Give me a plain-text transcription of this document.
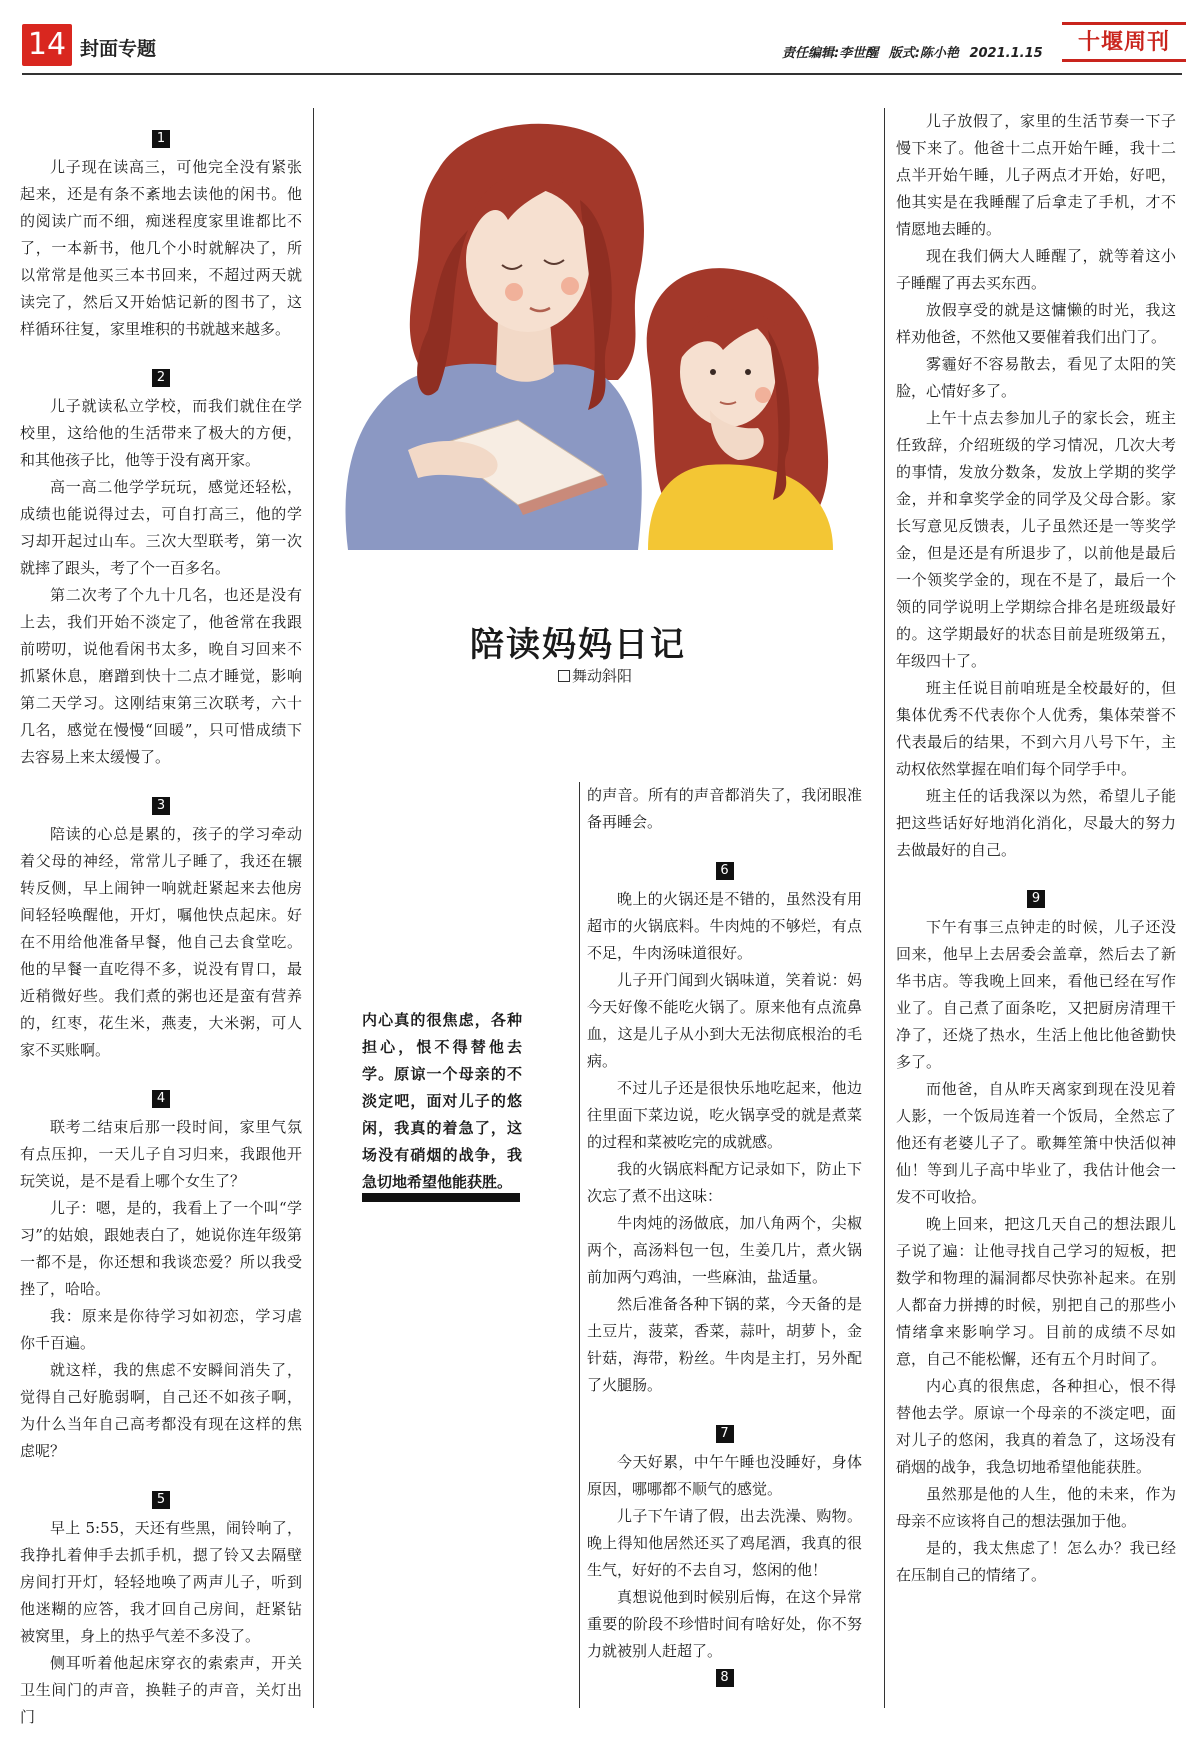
14 封面专题	责任编辑:李世醒 版式:陈小艳 2021.1.15	十堰周刊
1

儿子现在读高三，可他完全没有紧张起来，还是有条不紊地去读他的闲书。他的阅读广而不细，痴迷程度家里谁都比不了，一本新书，他几个小时就解决了，所以常常是他买三本书回来，不超过两天就读完了，然后又开始惦记新的图书了，这样循环往复，家里堆积的书就越来越多。

2

儿子就读私立学校，而我们就住在学校里，这给他的生活带来了极大的方便，和其他孩子比，他等于没有离开家。

高一高二他学学玩玩，感觉还轻松，成绩也能说得过去，可自打高三，他的学习却开起过山车。三次大型联考，第一次就摔了跟头，考了个一百多名。

第二次考了个九十几名，也还是没有上去，我们开始不淡定了，他爸常在我跟前唠叨，说他看闲书太多，晚自习回来不抓紧休息，磨蹭到快十二点才睡觉，影响第二天学习。这刚结束第三次联考，六十几名，感觉在慢慢“回暖”，只可惜成绩下去容易上来太缓慢了。

3

陪读的心总是累的，孩子的学习牵动着父母的神经，常常儿子睡了，我还在辗转反侧，早上闹钟一响就赶紧起来去他房间轻轻唤醒他，开灯，嘱他快点起床。好在不用给他准备早餐，他自己去食堂吃。他的早餐一直吃得不多，说没有胃口，最近稍微好些。我们煮的粥也还是蛮有营养的，红枣，花生米，燕麦，大米粥，可人家不买账啊。

4

联考二结束后那一段时间，家里气氛有点压抑，一天儿子自习归来，我跟他开玩笑说，是不是看上哪个女生了？

儿子：嗯，是的，我看上了一个叫“学习”的姑娘，跟她表白了，她说你连年级第一都不是，你还想和我谈恋爱？所以我受挫了，哈哈。

我：原来是你待学习如初恋，学习虐你千百遍。

就这样，我的焦虑不安瞬间消失了，觉得自己好脆弱啊，自己还不如孩子啊，为什么当年自己高考都没有现在这样的焦虑呢？

5

早上 5:55，天还有些黑，闹铃响了，我挣扎着伸手去抓手机，摁了铃又去隔壁房间打开灯，轻轻地唤了两声儿子，听到他迷糊的应答，我才回自己房间，赶紧钻被窝里，身上的热乎气差不多没了。

侧耳听着他起床穿衣的索索声，开关卫生间门的声音，换鞋子的声音，关灯出门

陪读妈妈日记
舞动斜阳
内心真的很焦虑，各种担心，恨不得替他去学。原谅一个母亲的不淡定吧，面对儿子的悠闲，我真的着急了，这场没有硝烟的战争，我急切地希望他能获胜。

的声音。所有的声音都消失了，我闭眼准备再睡会。

6

晚上的火锅还是不错的，虽然没有用超市的火锅底料。牛肉炖的不够烂，有点不足，牛肉汤味道很好。

儿子开门闻到火锅味道，笑着说：妈今天好像不能吃火锅了。原来他有点流鼻血，这是儿子从小到大无法彻底根治的毛病。

不过儿子还是很快乐地吃起来，他边往里面下菜边说，吃火锅享受的就是煮菜的过程和菜被吃完的成就感。

我的火锅底料配方记录如下，防止下次忘了煮不出这味：

牛肉炖的汤做底，加八角两个，尖椒两个，高汤料包一包，生姜几片，煮火锅前加两勺鸡油，一些麻油，盐适量。

然后准备各种下锅的菜，今天备的是土豆片，菠菜，香菜，蒜叶，胡萝卜，金针菇，海带，粉丝。牛肉是主打，另外配了火腿肠。

7

今天好累，中午午睡也没睡好，身体原因，哪哪都不顺气的感觉。

儿子下午请了假，出去洗澡、购物。晚上得知他居然还买了鸡尾酒，我真的很生气，好好的不去自习，悠闲的他！

真想说他到时候别后悔，在这个异常重要的阶段不珍惜时间有啥好处，你不努力就被别人赶超了。

8

儿子放假了，家里的生活节奏一下子慢下来了。他爸十二点开始午睡，我十二点半开始午睡，儿子两点才开始，好吧，他其实是在我睡醒了后拿走了手机，才不情愿地去睡的。

现在我们俩大人睡醒了，就等着这小子睡醒了再去买东西。

放假享受的就是这慵懒的时光，我这样劝他爸，不然他又要催着我们出门了。

雾霾好不容易散去，看见了太阳的笑脸，心情好多了。

上午十点去参加儿子的家长会，班主任致辞，介绍班级的学习情况，几次大考的事情，发放分数条，发放上学期的奖学金，并和拿奖学金的同学及父母合影。家长写意见反馈表，儿子虽然还是一等奖学金，但是还是有所退步了，以前他是最后一个领奖学金的，现在不是了，最后一个领的同学说明上学期综合排名是班级最好的。这学期最好的状态目前是班级第五，年级四十了。

班主任说目前咱班是全校最好的，但集体优秀不代表你个人优秀，集体荣誉不代表最后的结果，不到六月八号下午，主动权依然掌握在咱们每个同学手中。

班主任的话我深以为然，希望儿子能把这些话好好地消化消化，尽最大的努力去做最好的自己。

9

下午有事三点钟走的时候，儿子还没回来，他早上去居委会盖章，然后去了新华书店。等我晚上回来，看他已经在写作业了。自己煮了面条吃，又把厨房清理干净了，还烧了热水，生活上他比他爸勤快多了。

而他爸，自从昨天离家到现在没见着人影，一个饭局连着一个饭局，全然忘了他还有老婆儿子了。歌舞笙箫中快活似神仙！等到儿子高中毕业了，我估计他会一发不可收拾。

晚上回来，把这几天自己的想法跟儿子说了遍：让他寻找自己学习的短板，把数学和物理的漏洞都尽快弥补起来。在别人都奋力拼搏的时候，别把自己的那些小情绪拿来影响学习。目前的成绩不尽如意，自己不能松懈，还有五个月时间了。

内心真的很焦虑，各种担心，恨不得替他去学。原谅一个母亲的不淡定吧，面对儿子的悠闲，我真的着急了，这场没有硝烟的战争，我急切地希望他能获胜。

虽然那是他的人生，他的未来，作为母亲不应该将自己的想法强加于他。

是的，我太焦虑了！怎么办？我已经在压制自己的情绪了。
